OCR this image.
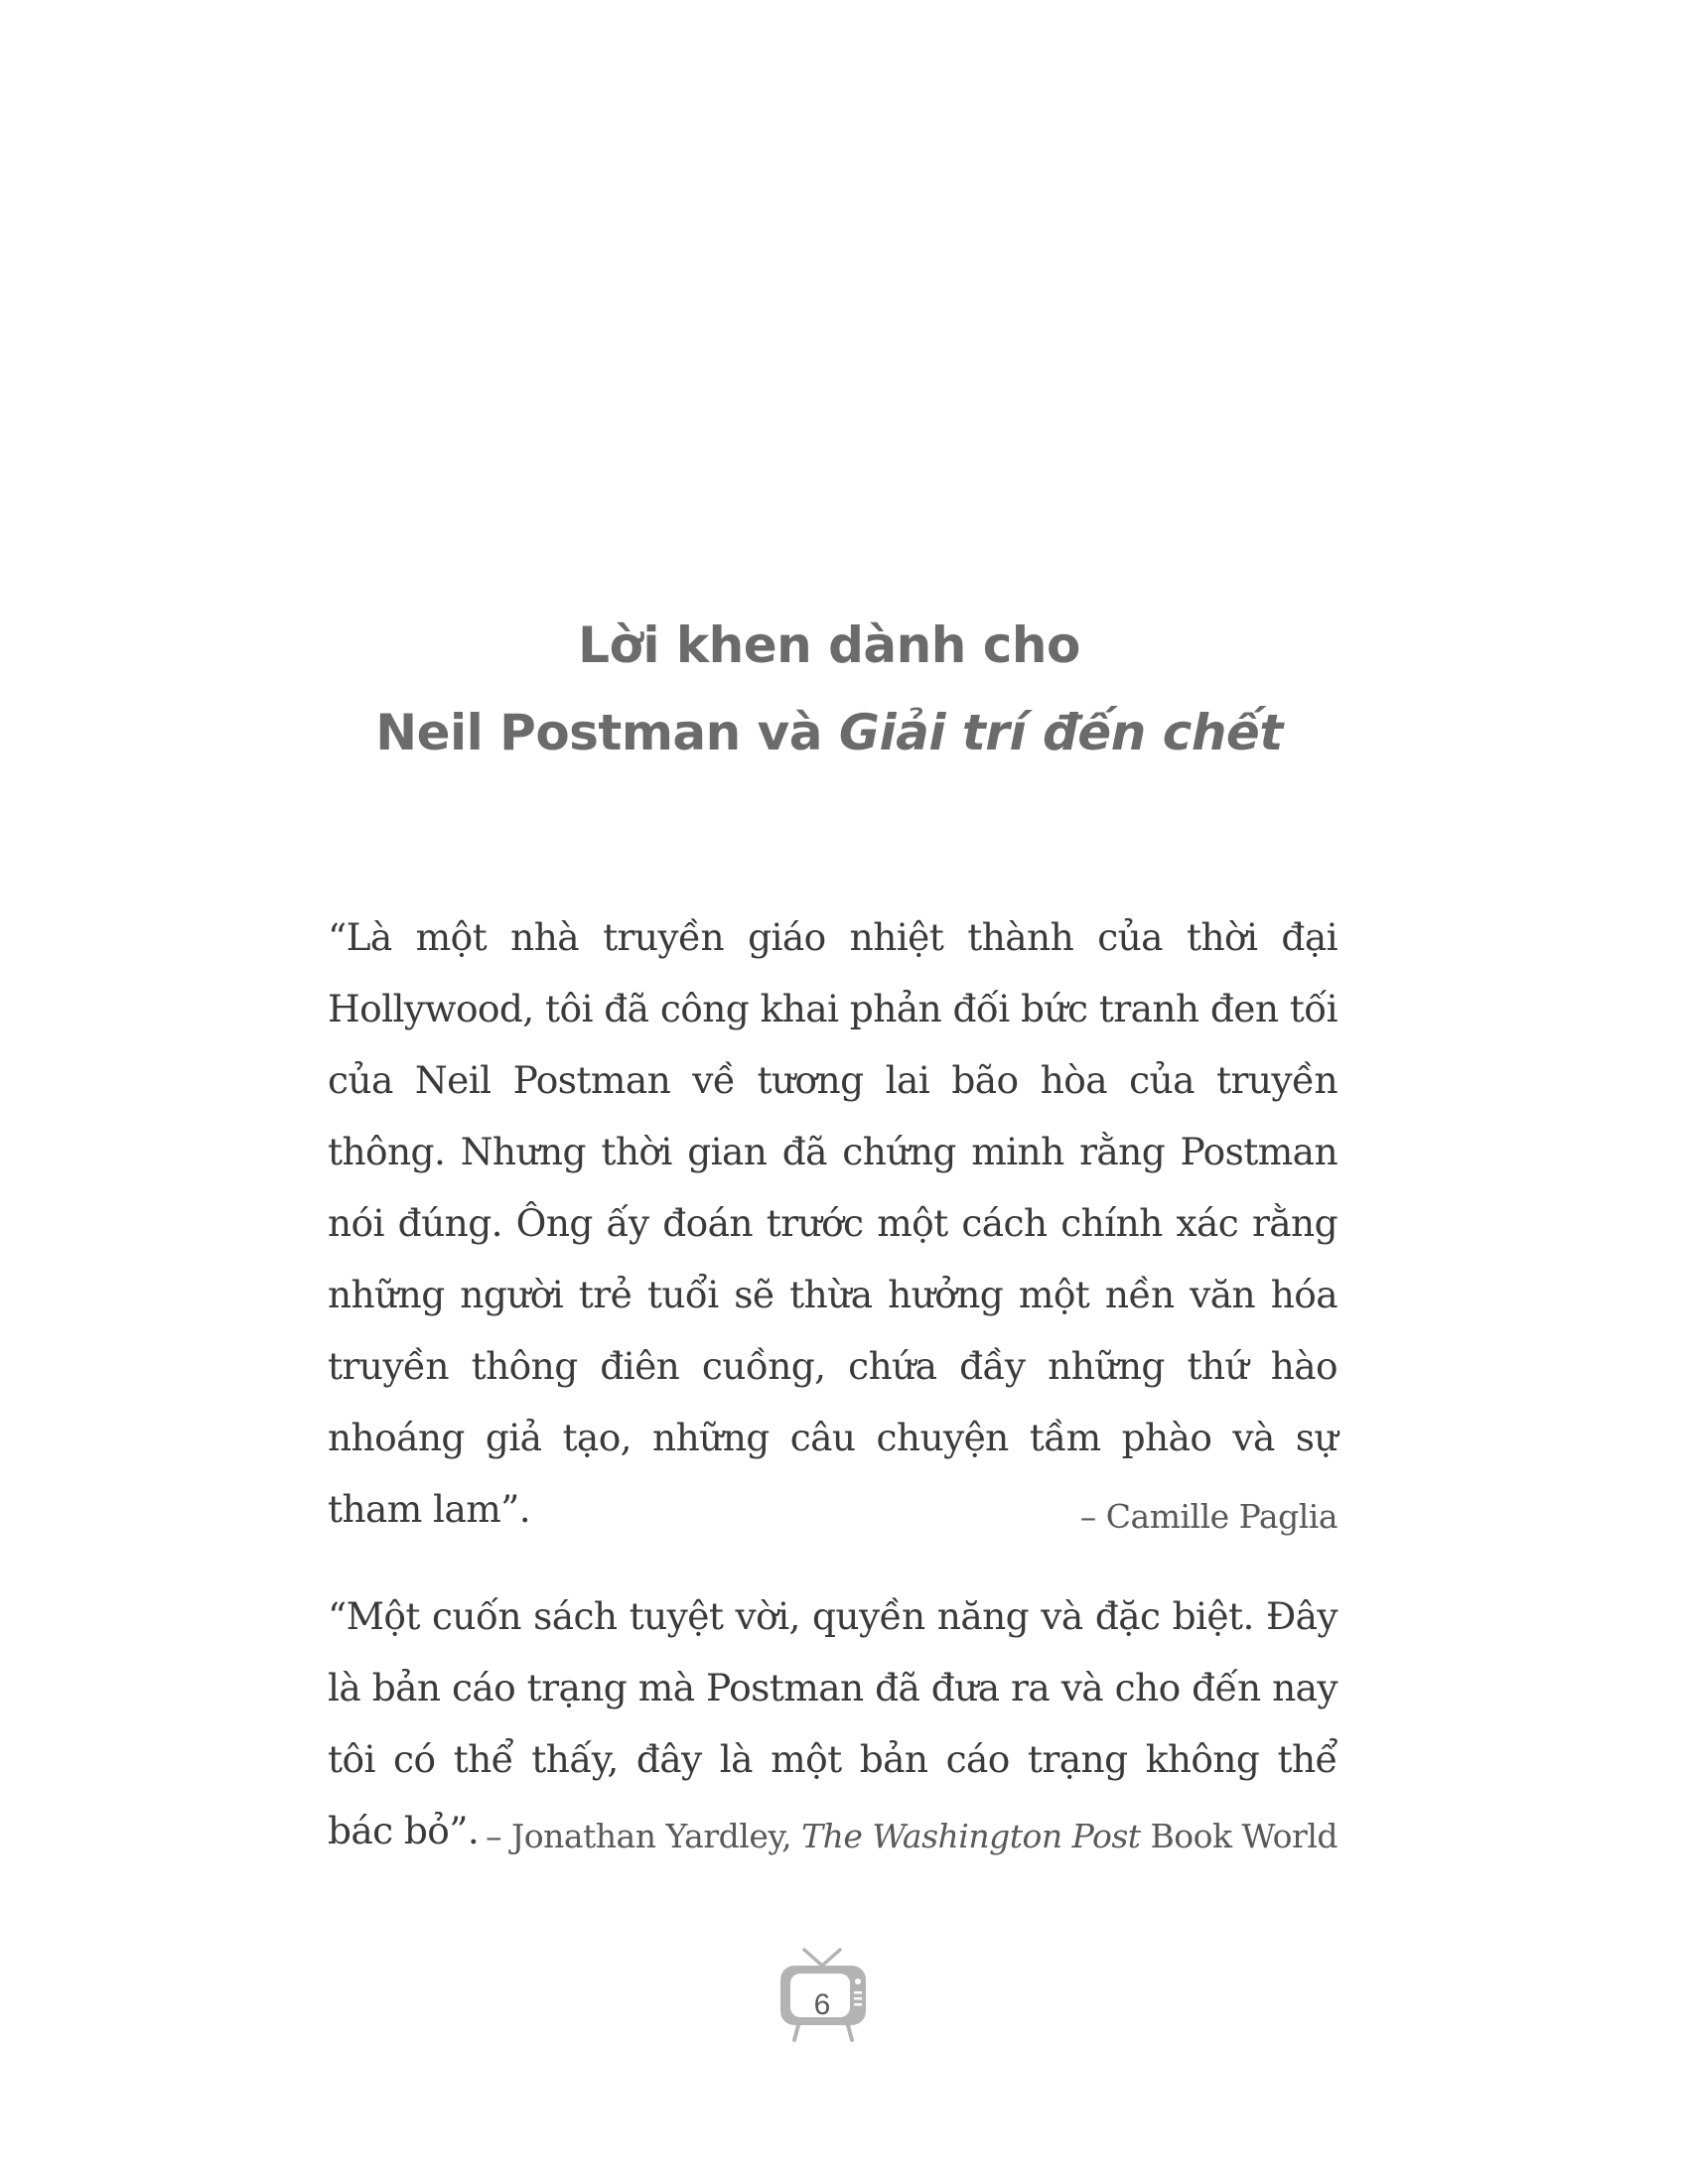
Lời khen dành cho
Neil Postman và Giải trí đến chết

“Là một nhà truyền giáo nhiệt thành của thời đại Hollywood, tôi đã công khai phản đối bức tranh đen tối của Neil Postman về tương lai bão hòa của truyền thông. Nhưng thời gian đã chứng minh rằng Postman nói đúng. Ông ấy đoán trước một cách chính xác rằng những người trẻ tuổi sẽ thừa hưởng một nền văn hóa truyền thông điên cuồng, chứa đầy những thứ hào nhoáng giả tạo, những câu chuyện tầm phào và sự tham lam”.	– Camille Paglia

“Một cuốn sách tuyệt vời, quyền năng và đặc biệt. Đây là bản cáo trạng mà Postman đã đưa ra và cho đến nay tôi có thể thấy, đây là một bản cáo trạng không thể bác bỏ”. – Jonathan Yardley, The Washington Post Book World

6
